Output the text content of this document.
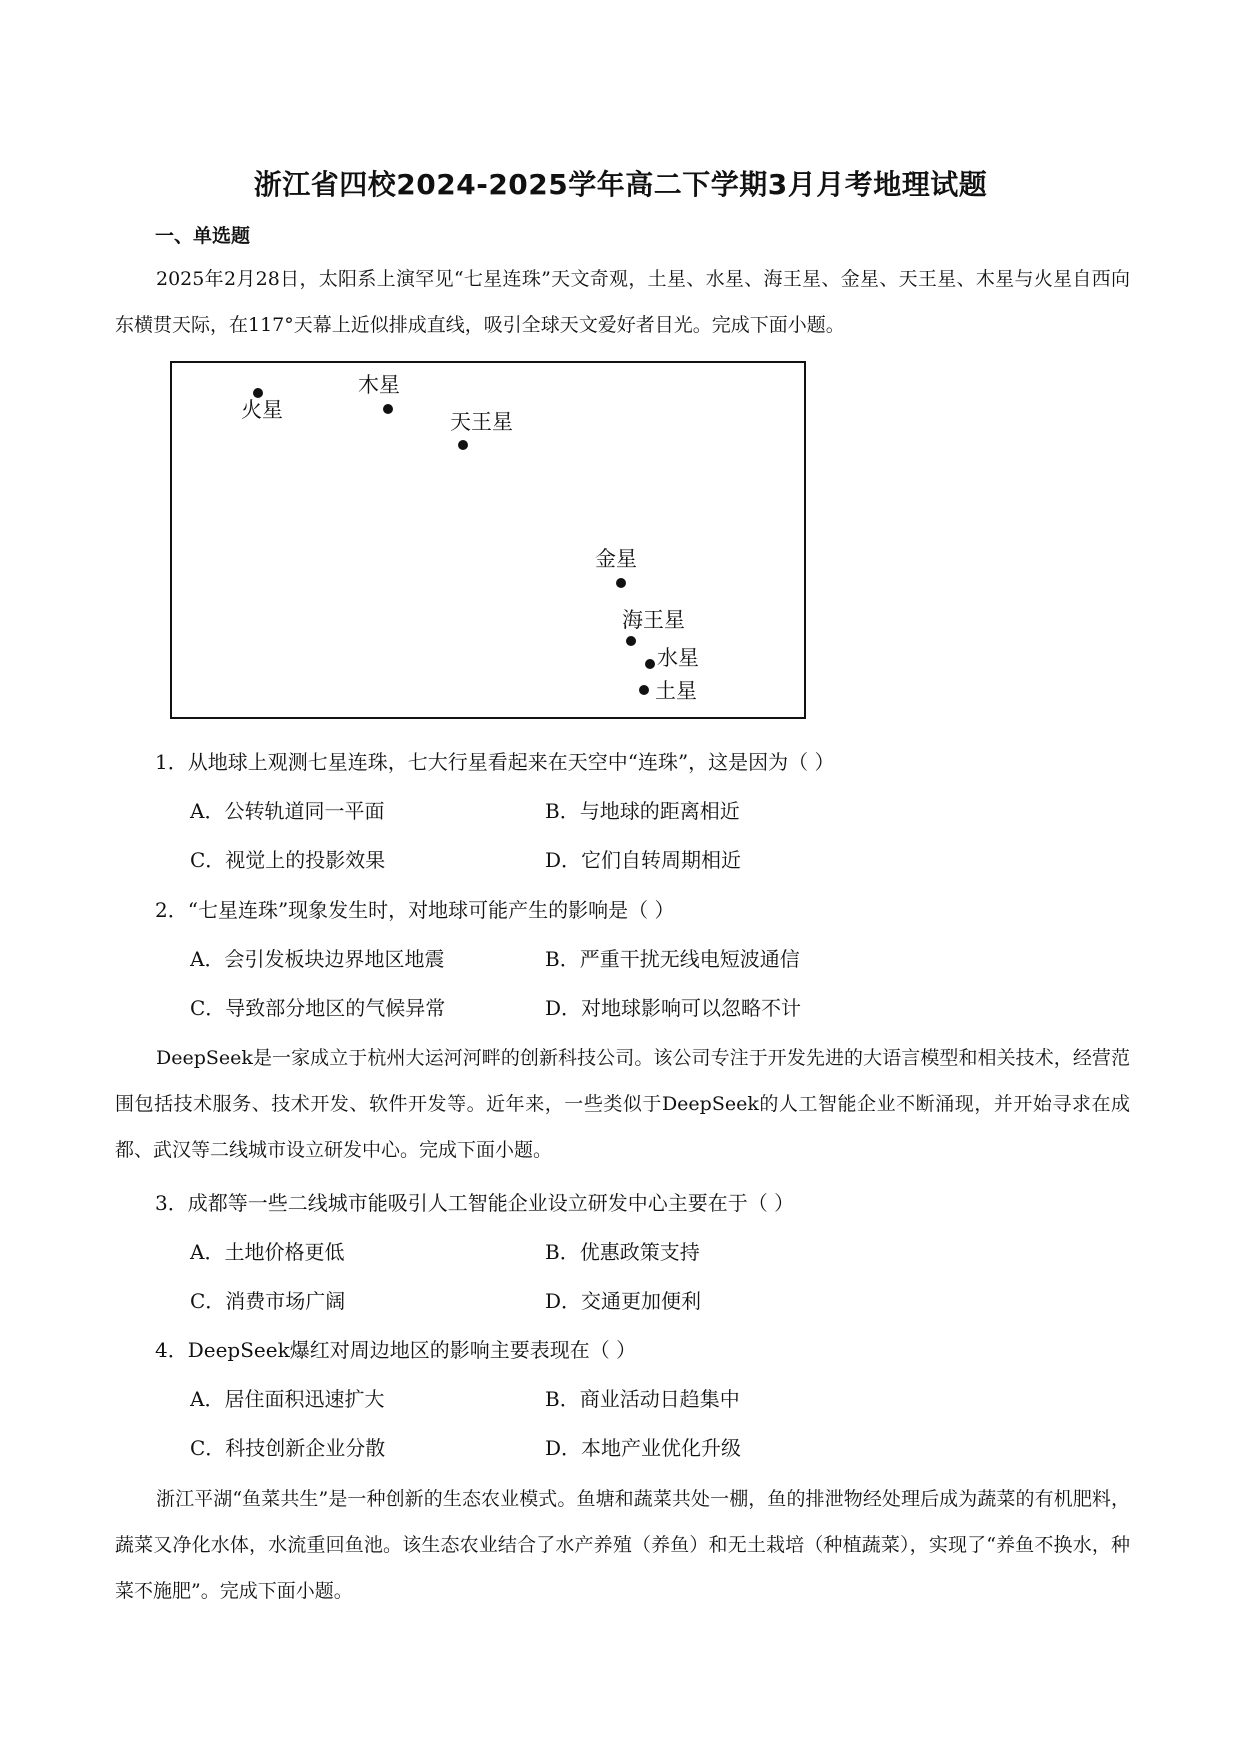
浙江省四校2024-2025学年高二下学期3月月考地理试题
一、单选题
2025年2月28日，太阳系上演罕见“七星连珠”天文奇观，土星、水星、海王星、金星、天王星、木星与火星自西向东横贯天际，在117°天幕上近似排成直线，吸引全球天文爱好者目光。完成下面小题。
火星
木星
天王星
金星
海王星
水星
土星
1．从地球上观测七星连珠，七大行星看起来在天空中“连珠”，这是因为（ ）
A．公转轨道同一平面	B．与地球的距离相近
C．视觉上的投影效果	D．它们自转周期相近
2．“七星连珠”现象发生时，对地球可能产生的影响是（ ）
A．会引发板块边界地区地震	B．严重干扰无线电短波通信
C．导致部分地区的气候异常	D．对地球影响可以忽略不计
DeepSeek是一家成立于杭州大运河河畔的创新科技公司。该公司专注于开发先进的大语言模型和相关技术，经营范围包括技术服务、技术开发、软件开发等。近年来，一些类似于DeepSeek的人工智能企业不断涌现，并开始寻求在成都、武汉等二线城市设立研发中心。完成下面小题。
3．成都等一些二线城市能吸引人工智能企业设立研发中心主要在于（ ）
A．土地价格更低	B．优惠政策支持
C．消费市场广阔	D．交通更加便利
4．DeepSeek爆红对周边地区的影响主要表现在（ ）
A．居住面积迅速扩大	B．商业活动日趋集中
C．科技创新企业分散	D．本地产业优化升级
浙江平湖“鱼菜共生”是一种创新的生态农业模式。鱼塘和蔬菜共处一棚，鱼的排泄物经处理后成为蔬菜的有机肥料，蔬菜又净化水体，水流重回鱼池。该生态农业结合了水产养殖（养鱼）和无土栽培（种植蔬菜），实现了“养鱼不换水，种菜不施肥”。完成下面小题。
